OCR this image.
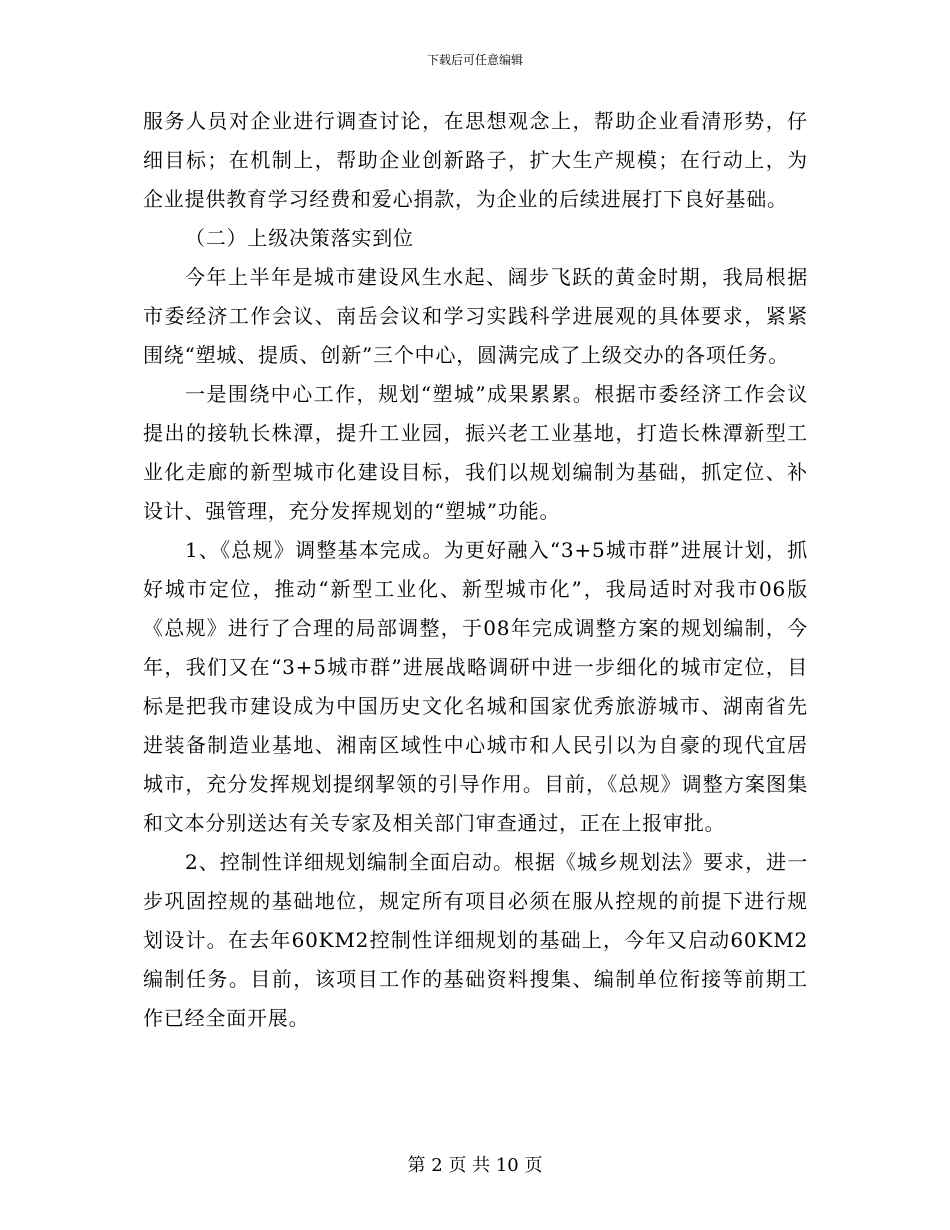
下载后可任意编辑

服务人员对企业进行调查讨论，在思想观念上，帮助企业看清形势，仔细目标；在机制上，帮助企业创新路子，扩大生产规模；在行动上，为企业提供教育学习经费和爱心捐款，为企业的后续进展打下良好基础。

（二）上级决策落实到位

今年上半年是城市建设风生水起、阔步飞跃的黄金时期，我局根据市委经济工作会议、南岳会议和学习实践科学进展观的具体要求，紧紧围绕“塑城、提质、创新”三个中心，圆满完成了上级交办的各项任务。

一是围绕中心工作，规划“塑城”成果累累。根据市委经济工作会议提出的接轨长株潭，提升工业园，振兴老工业基地，打造长株潭新型工业化走廊的新型城市化建设目标，我们以规划编制为基础，抓定位、补设计、强管理，充分发挥规划的“塑城”功能。

1、《总规》调整基本完成。为更好融入“3+5城市群”进展计划，抓好城市定位，推动“新型工业化、新型城市化”，我局适时对我市06版《总规》进行了合理的局部调整，于08年完成调整方案的规划编制，今年，我们又在“3+5城市群”进展战略调研中进一步细化的城市定位，目标是把我市建设成为中国历史文化名城和国家优秀旅游城市、湖南省先进装备制造业基地、湘南区域性中心城市和人民引以为自豪的现代宜居城市，充分发挥规划提纲挈领的引导作用。目前，《总规》调整方案图集和文本分别送达有关专家及相关部门审查通过，正在上报审批。

2、控制性详细规划编制全面启动。根据《城乡规划法》要求，进一步巩固控规的基础地位，规定所有项目必须在服从控规的前提下进行规划设计。在去年60KM2控制性详细规划的基础上，今年又启动60KM2编制任务。目前，该项目工作的基础资料搜集、编制单位衔接等前期工作已经全面开展。

第 2 页 共 10 页
